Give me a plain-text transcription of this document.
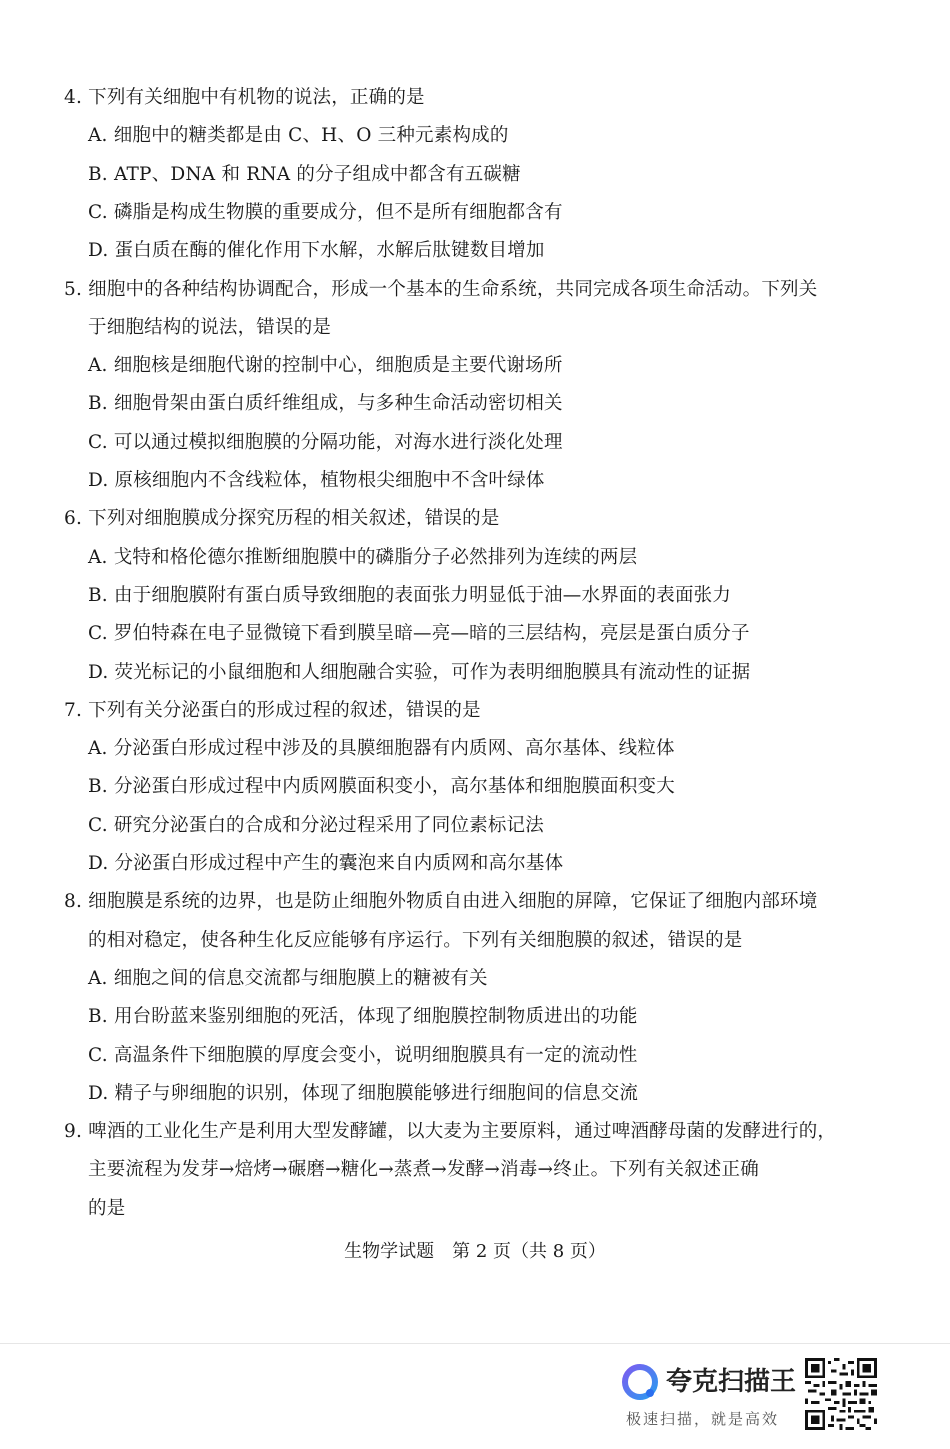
4. 下列有关细胞中有机物的说法，正确的是
A. 细胞中的糖类都是由 C、H、O 三种元素构成的
B. ATP、DNA 和 RNA 的分子组成中都含有五碳糖
C. 磷脂是构成生物膜的重要成分，但不是所有细胞都含有
D. 蛋白质在酶的催化作用下水解，水解后肽键数目增加
5. 细胞中的各种结构协调配合，形成一个基本的生命系统，共同完成各项生命活动。下列关
于细胞结构的说法，错误的是
A. 细胞核是细胞代谢的控制中心，细胞质是主要代谢场所
B. 细胞骨架由蛋白质纤维组成，与多种生命活动密切相关
C. 可以通过模拟细胞膜的分隔功能，对海水进行淡化处理
D. 原核细胞内不含线粒体，植物根尖细胞中不含叶绿体
6. 下列对细胞膜成分探究历程的相关叙述，错误的是
A. 戈特和格伦德尔推断细胞膜中的磷脂分子必然排列为连续的两层
B. 由于细胞膜附有蛋白质导致细胞的表面张力明显低于油—水界面的表面张力
C. 罗伯特森在电子显微镜下看到膜呈暗—亮—暗的三层结构，亮层是蛋白质分子
D. 荧光标记的小鼠细胞和人细胞融合实验，可作为表明细胞膜具有流动性的证据
7. 下列有关分泌蛋白的形成过程的叙述，错误的是
A. 分泌蛋白形成过程中涉及的具膜细胞器有内质网、高尔基体、线粒体
B. 分泌蛋白形成过程中内质网膜面积变小，高尔基体和细胞膜面积变大
C. 研究分泌蛋白的合成和分泌过程采用了同位素标记法
D. 分泌蛋白形成过程中产生的囊泡来自内质网和高尔基体
8. 细胞膜是系统的边界，也是防止细胞外物质自由进入细胞的屏障，它保证了细胞内部环境
的相对稳定，使各种生化反应能够有序运行。下列有关细胞膜的叙述，错误的是
A. 细胞之间的信息交流都与细胞膜上的糖被有关
B. 用台盼蓝来鉴别细胞的死活，体现了细胞膜控制物质进出的功能
C. 高温条件下细胞膜的厚度会变小，说明细胞膜具有一定的流动性
D. 精子与卵细胞的识别，体现了细胞膜能够进行细胞间的信息交流
9. 啤酒的工业化生产是利用大型发酵罐，以大麦为主要原料，通过啤酒酵母菌的发酵进行的，
主要流程为发芽→焙烤→碾磨→糖化→蒸煮→发酵→消毒→终止。下列有关叙述正确
的是
生物学试题　第 2 页（共 8 页）
夸克扫描王
极速扫描，就是高效
